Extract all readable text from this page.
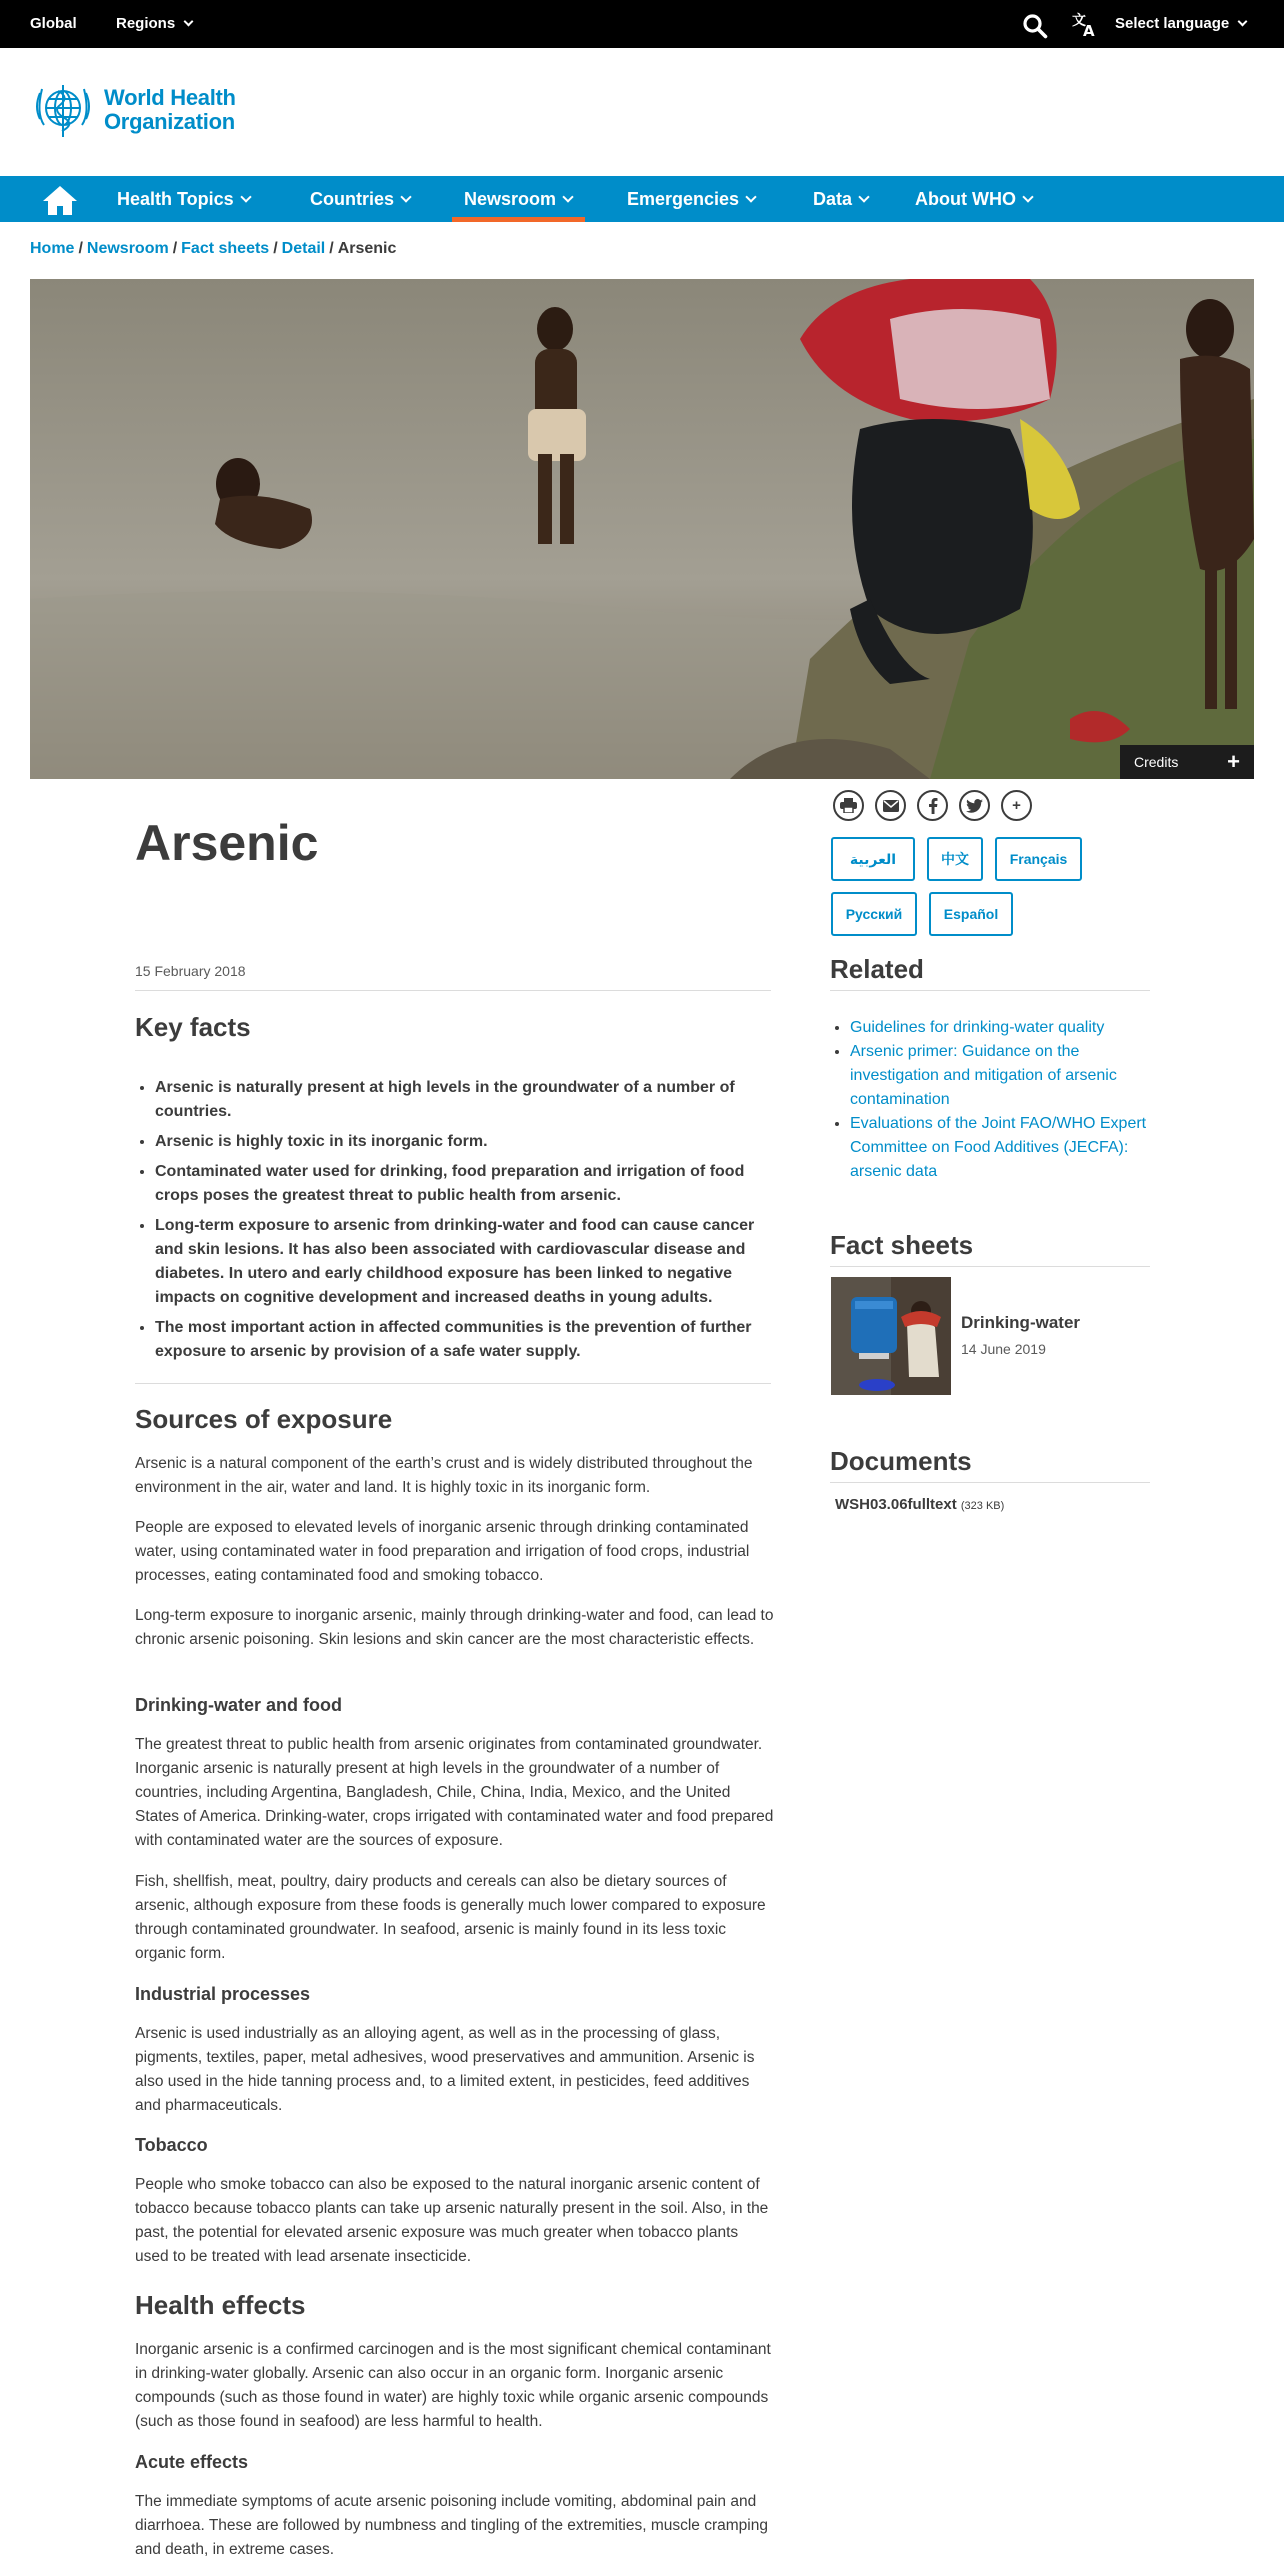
Global	Regions	文
A Select language
World Health
Organization
Health Topics	Countries	Newsroom	Emergencies	Data	About WHO
Home / Newsroom / Fact sheets / Detail / Arsenic
Credits +
+
العربية	中文	Français
Русский	Español
Arsenic
15 February 2018
Key facts
• Arsenic is naturally present at high levels in the groundwater of a number of countries.
• Arsenic is highly toxic in its inorganic form.
• Contaminated water used for drinking, food preparation and irrigation of food crops poses the greatest threat to public health from arsenic.
• Long-term exposure to arsenic from drinking-water and food can cause cancer and skin lesions. It has also been associated with cardiovascular disease and diabetes. In utero and early childhood exposure has been linked to negative impacts on cognitive development and increased deaths in young adults.
• The most important action in affected communities is the prevention of further exposure to arsenic by provision of a safe water supply.
Sources of exposure

Arsenic is a natural component of the earth’s crust and is widely distributed throughout the environment in the air, water and land. It is highly toxic in its inorganic form.

People are exposed to elevated levels of inorganic arsenic through drinking contaminated water, using contaminated water in food preparation and irrigation of food crops, industrial processes, eating contaminated food and smoking tobacco.

Long-term exposure to inorganic arsenic, mainly through drinking-water and food, can lead to chronic arsenic poisoning. Skin lesions and skin cancer are the most characteristic effects.

Drinking-water and food

The greatest threat to public health from arsenic originates from contaminated groundwater. Inorganic arsenic is naturally present at high levels in the groundwater of a number of countries, including Argentina, Bangladesh, Chile, China, India, Mexico, and the United States of America. Drinking-water, crops irrigated with contaminated water and food prepared with contaminated water are the sources of exposure.

Fish, shellfish, meat, poultry, dairy products and cereals can also be dietary sources of arsenic, although exposure from these foods is generally much lower compared to exposure through contaminated groundwater. In seafood, arsenic is mainly found in its less toxic organic form.

Industrial processes

Arsenic is used industrially as an alloying agent, as well as in the processing of glass, pigments, textiles, paper, metal adhesives, wood preservatives and ammunition. Arsenic is also used in the hide tanning process and, to a limited extent, in pesticides, feed additives and pharmaceuticals.

Tobacco

People who smoke tobacco can also be exposed to the natural inorganic arsenic content of tobacco because tobacco plants can take up arsenic naturally present in the soil. Also, in the past, the potential for elevated arsenic exposure was much greater when tobacco plants used to be treated with lead arsenate insecticide.

Health effects

Inorganic arsenic is a confirmed carcinogen and is the most significant chemical contaminant in drinking-water globally. Arsenic can also occur in an organic form. Inorganic arsenic compounds (such as those found in water) are highly toxic while organic arsenic compounds (such as those found in seafood) are less harmful to health.

Acute effects

The immediate symptoms of acute arsenic poisoning include vomiting, abdominal pain and diarrhoea. These are followed by numbness and tingling of the extremities, muscle cramping and death, in extreme cases.

Related
• Guidelines for drinking-water quality
• Arsenic primer: Guidance on the investigation and mitigation of arsenic contamination
• Evaluations of the Joint FAO/WHO Expert Committee on Food Additives (JECFA): arsenic data
Fact sheets
Drinking-water
14 June 2019
Documents
WSH03.06fulltext (323 KB)
